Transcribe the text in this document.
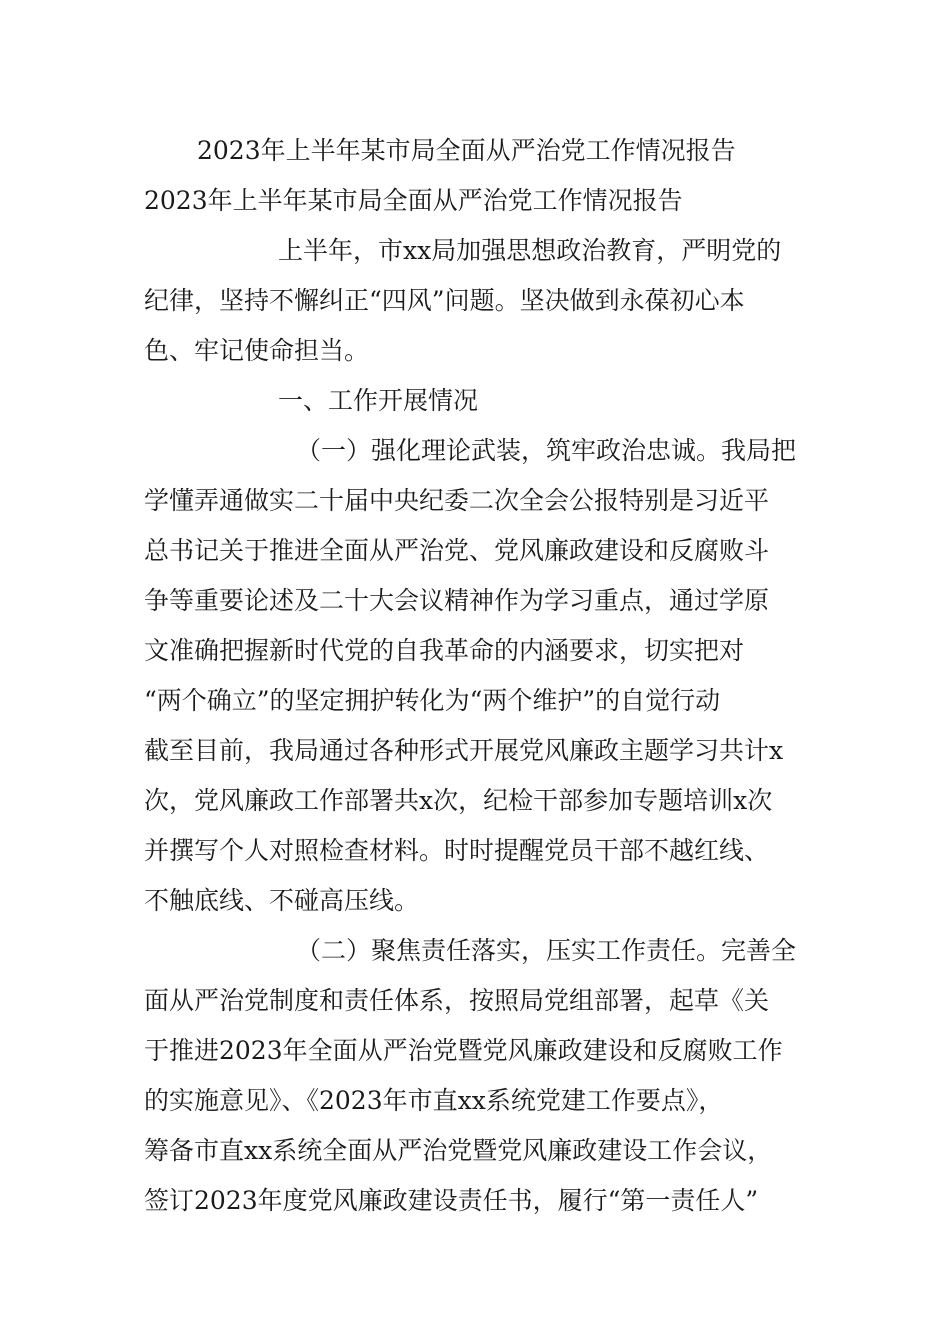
2023年上半年某市局全面从严治党工作情况报告
2023年上半年某市局全面从严治党工作情况报告
上半年，市xx局加强思想政治教育，严明党的
纪律，坚持不懈纠正“四风”问题。坚决做到永葆初心本
色、牢记使命担当。
一、工作开展情况
（一）强化理论武装，筑牢政治忠诚。我局把
学懂弄通做实二十届中央纪委二次全会公报特别是习近平
总书记关于推进全面从严治党、党风廉政建设和反腐败斗
争等重要论述及二十大会议精神作为学习重点，通过学原
文准确把握新时代党的自我革命的内涵要求，切实把对
“两个确立”的坚定拥护转化为“两个维护”的自觉行动
截至目前，我局通过各种形式开展党风廉政主题学习共计x
次，党风廉政工作部署共x次，纪检干部参加专题培训x次
并撰写个人对照检查材料。时时提醒党员干部不越红线、
不触底线、不碰高压线。
（二）聚焦责任落实，压实工作责任。完善全
面从严治党制度和责任体系，按照局党组部署，起草《关
于推进2023年全面从严治党暨党风廉政建设和反腐败工作
的实施意见》、《2023年市直xx系统党建工作要点》，
筹备市直xx系统全面从严治党暨党风廉政建设工作会议，
签订2023年度党风廉政建设责任书，履行“第一责任人”
